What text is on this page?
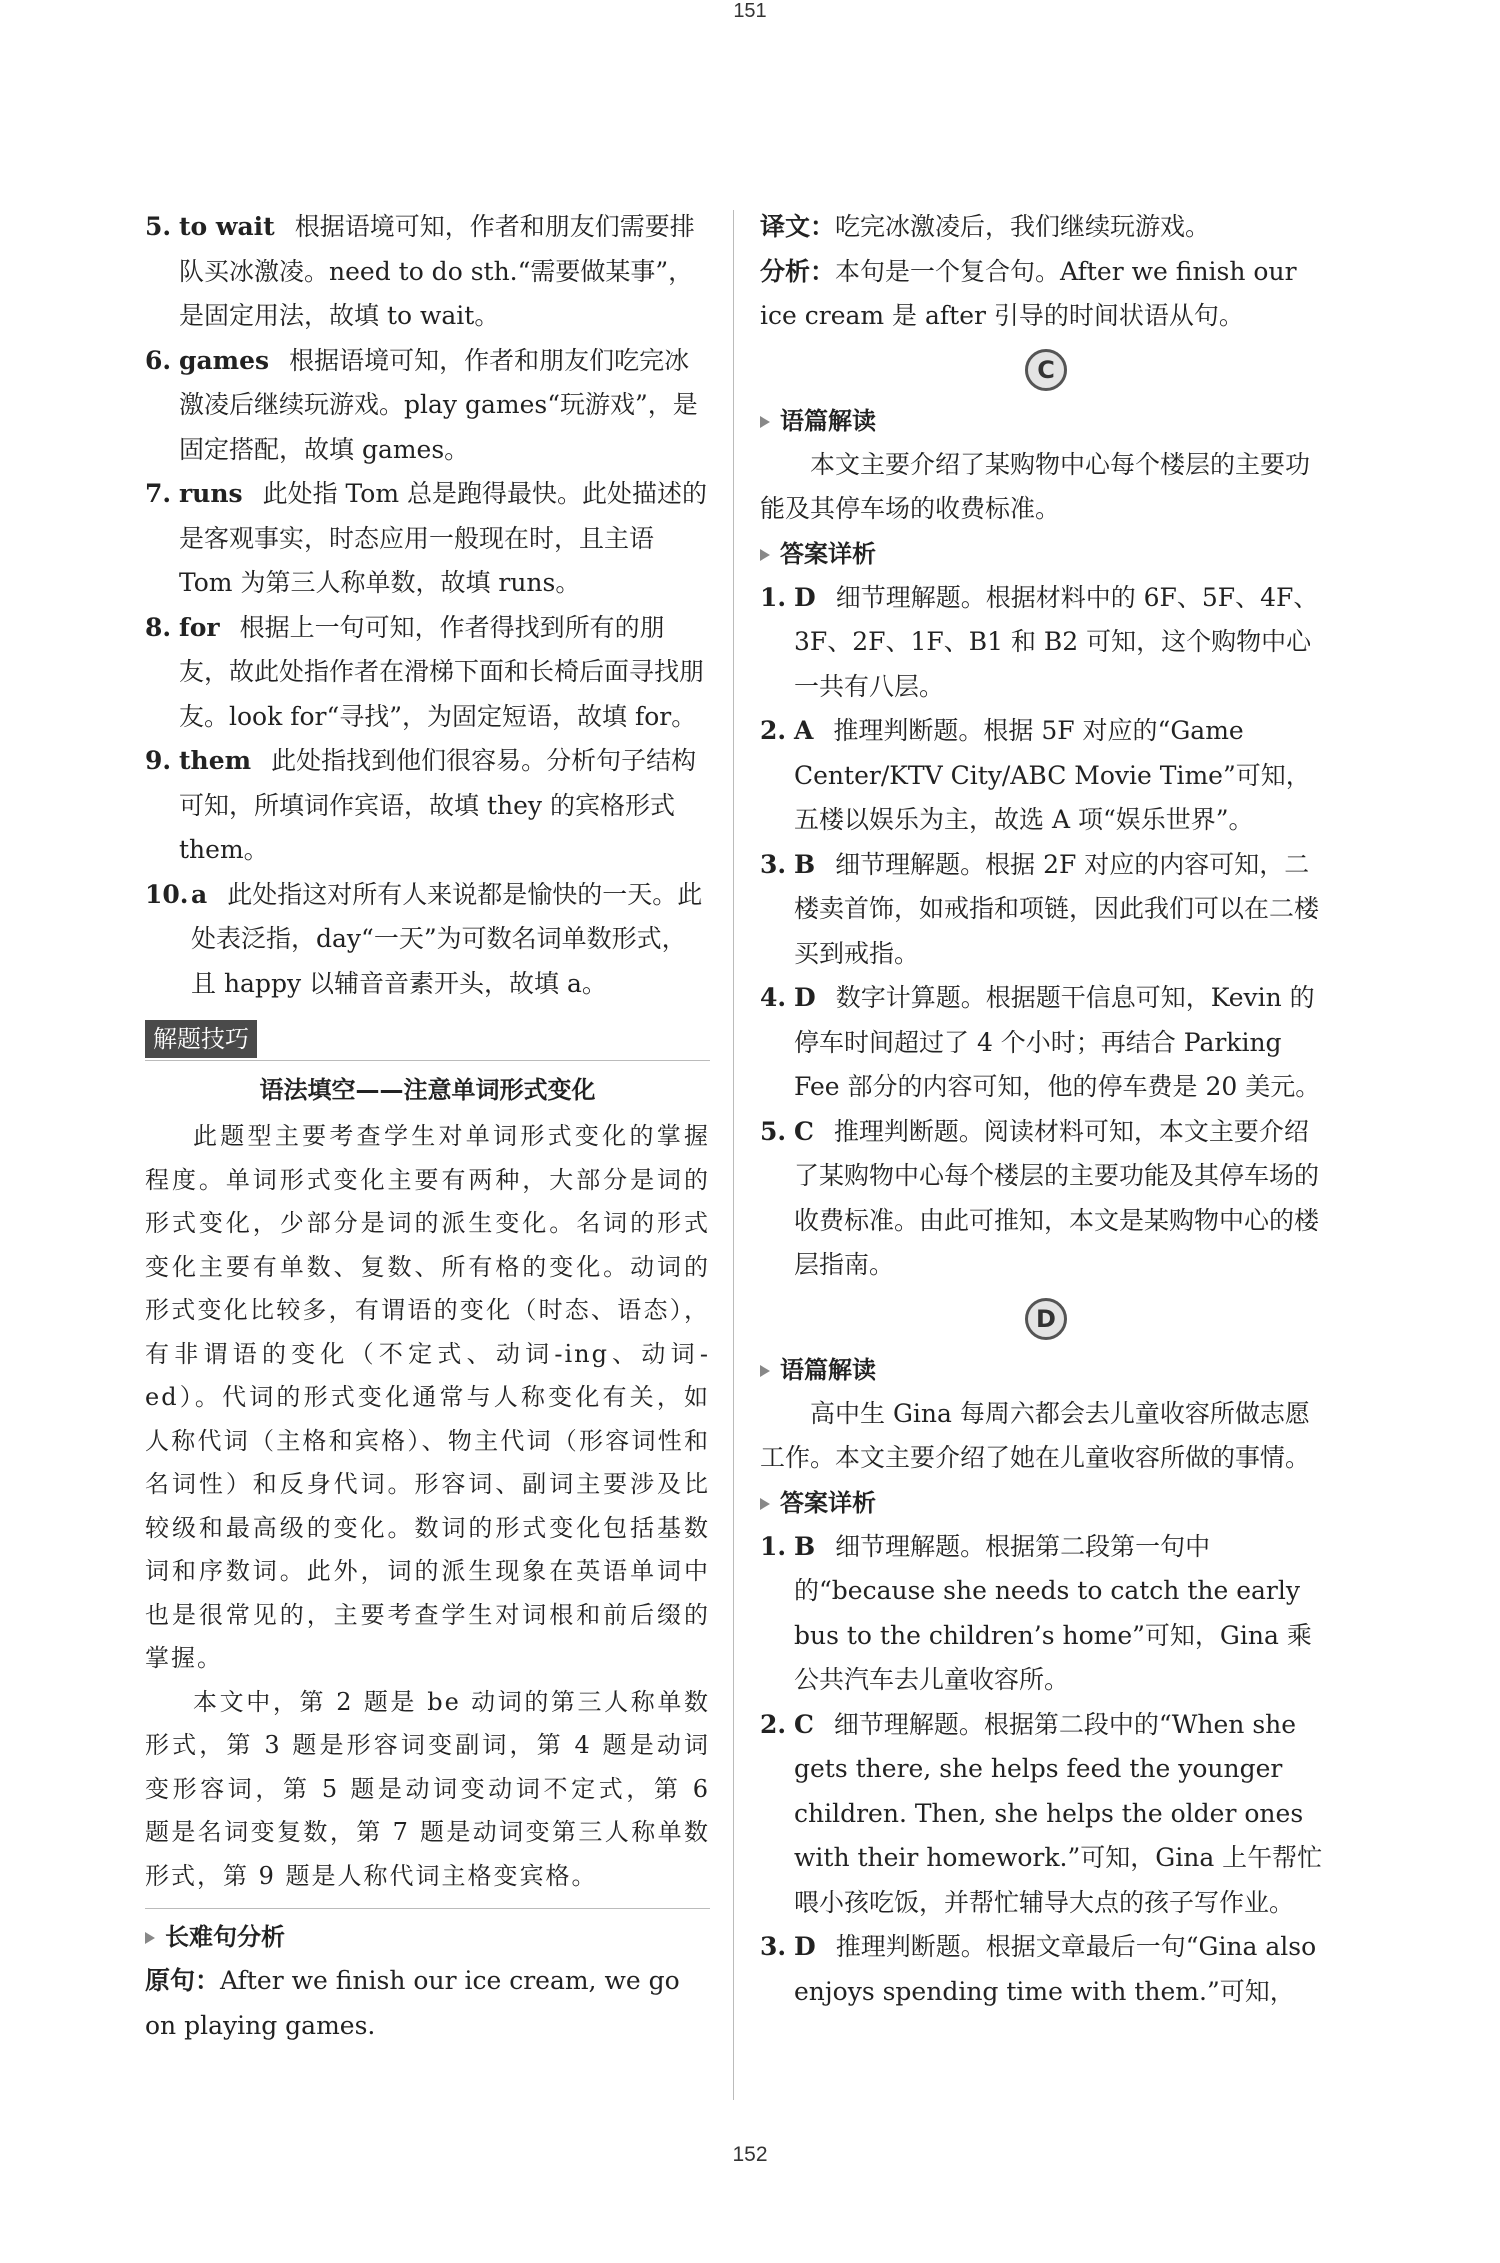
151
5. to wait 根据语境可知，作者和朋友们需要排队买冰激凌。need to do sth.“需要做某事”，是固定用法，故填 to wait。
6. games 根据语境可知，作者和朋友们吃完冰激凌后继续玩游戏。play games“玩游戏”，是固定搭配，故填 games。
7. runs 此处指 Tom 总是跑得最快。此处描述的是客观事实，时态应用一般现在时，且主语 Tom 为第三人称单数，故填 runs。
8. for 根据上一句可知，作者得找到所有的朋友，故此处指作者在滑梯下面和长椅后面寻找朋友。look for“寻找”，为固定短语，故填 for。
9. them 此处指找到他们很容易。分析句子结构可知，所填词作宾语，故填 they 的宾格形式 them。
10. a 此处指这对所有人来说都是愉快的一天。此处表泛指，day“一天”为可数名词单数形式，且 happy 以辅音音素开头，故填 a。
解题技巧
语法填空——注意单词形式变化

此题型主要考查学生对单词形式变化的掌握程度。单词形式变化主要有两种，大部分是词的形式变化，少部分是词的派生变化。名词的形式变化主要有单数、复数、所有格的变化。动词的形式变化比较多，有谓语的变化（时态、语态），有非谓语的变化（不定式、动词-ing、动词-ed）。代词的形式变化通常与人称变化有关，如人称代词（主格和宾格）、物主代词（形容词性和名词性）和反身代词。形容词、副词主要涉及比较级和最高级的变化。数词的形式变化包括基数词和序数词。此外，词的派生现象在英语单词中也是很常见的，主要考查学生对词根和前后缀的掌握。

本文中，第 2 题是 be 动词的第三人称单数形式，第 3 题是形容词变副词，第 4 题是动词变形容词，第 5 题是动词变动词不定式，第 6 题是名词变复数，第 7 题是动词变第三人称单数形式，第 9 题是人称代词主格变宾格。

长难句分析
原句：After we finish our ice cream, we go on playing games.
译文：吃完冰激凌后，我们继续玩游戏。
分析：本句是一个复合句。After we finish our ice cream 是 after 引导的时间状语从句。
C
语篇解读
本文主要介绍了某购物中心每个楼层的主要功能及其停车场的收费标准。
答案详析
1. D 细节理解题。根据材料中的 6F、5F、4F、3F、2F、1F、B1 和 B2 可知，这个购物中心一共有八层。
2. A 推理判断题。根据 5F 对应的“Game Center/KTV City/ABC Movie Time”可知，五楼以娱乐为主，故选 A 项“娱乐世界”。
3. B 细节理解题。根据 2F 对应的内容可知，二楼卖首饰，如戒指和项链，因此我们可以在二楼买到戒指。
4. D 数字计算题。根据题干信息可知，Kevin 的停车时间超过了 4 个小时；再结合 Parking Fee 部分的内容可知，他的停车费是 20 美元。
5. C 推理判断题。阅读材料可知，本文主要介绍了某购物中心每个楼层的主要功能及其停车场的收费标准。由此可推知，本文是某购物中心的楼层指南。
D
语篇解读
高中生 Gina 每周六都会去儿童收容所做志愿工作。本文主要介绍了她在儿童收容所做的事情。
答案详析
1. B 细节理解题。根据第二段第一句中的“because she needs to catch the early bus to the children’s home”可知，Gina 乘公共汽车去儿童收容所。
2. C 细节理解题。根据第二段中的“When she gets there, she helps feed the younger children. Then, she helps the older ones with their homework.”可知，Gina 上午帮忙喂小孩吃饭，并帮忙辅导大点的孩子写作业。
3. D 推理判断题。根据文章最后一句“Gina also enjoys spending time with them.”可知，
152
